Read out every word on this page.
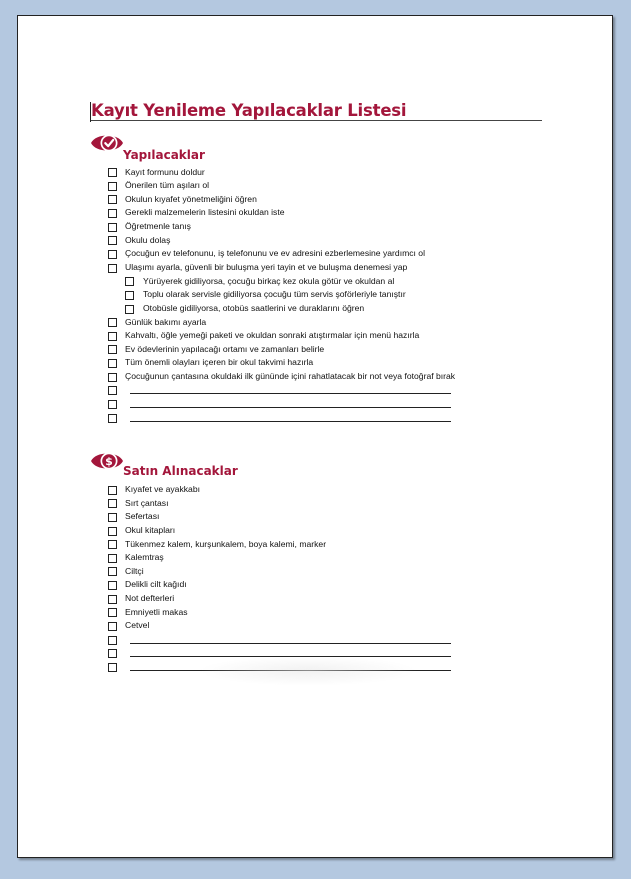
Kayıt Yenileme Yapılacaklar Listesi
Yapılacaklar
Kayıt formunu doldur
Önerilen tüm aşıları ol
Okulun kıyafet yönetmeliğini öğren
Gerekli malzemelerin listesini okuldan iste
Öğretmenle tanış
Okulu dolaş
Çocuğun ev telefonunu, iş telefonunu ve ev adresini ezberlemesine yardımcı ol
Ulaşımı ayarla, güvenli bir buluşma yeri tayin et ve buluşma denemesi yap
Yürüyerek gidiliyorsa, çocuğu birkaç kez okula götür ve okuldan al
Toplu olarak servisle gidiliyorsa çocuğu tüm servis şoförleriyle tanıştır
Otobüsle gidiliyorsa, otobüs saatlerini ve duraklarını öğren
Günlük bakımı ayarla
Kahvaltı, öğle yemeği paketi ve okuldan sonraki atıştırmalar için menü hazırla
Ev ödevlerinin yapılacağı ortamı ve zamanları belirle
Tüm önemli olayları içeren bir okul takvimi hazırla
Çocuğunun çantasına okuldaki ilk gününde içini rahatlatacak bir not veya fotoğraf bırak
$
Satın Alınacaklar
Kıyafet ve ayakkabı
Sırt çantası
Sefertası
Okul kitapları
Tükenmez kalem, kurşunkalem, boya kalemi, marker
Kalemtraş
Ciltçi
Delikli cilt kağıdı
Not defterleri
Emniyetli makas
Cetvel
